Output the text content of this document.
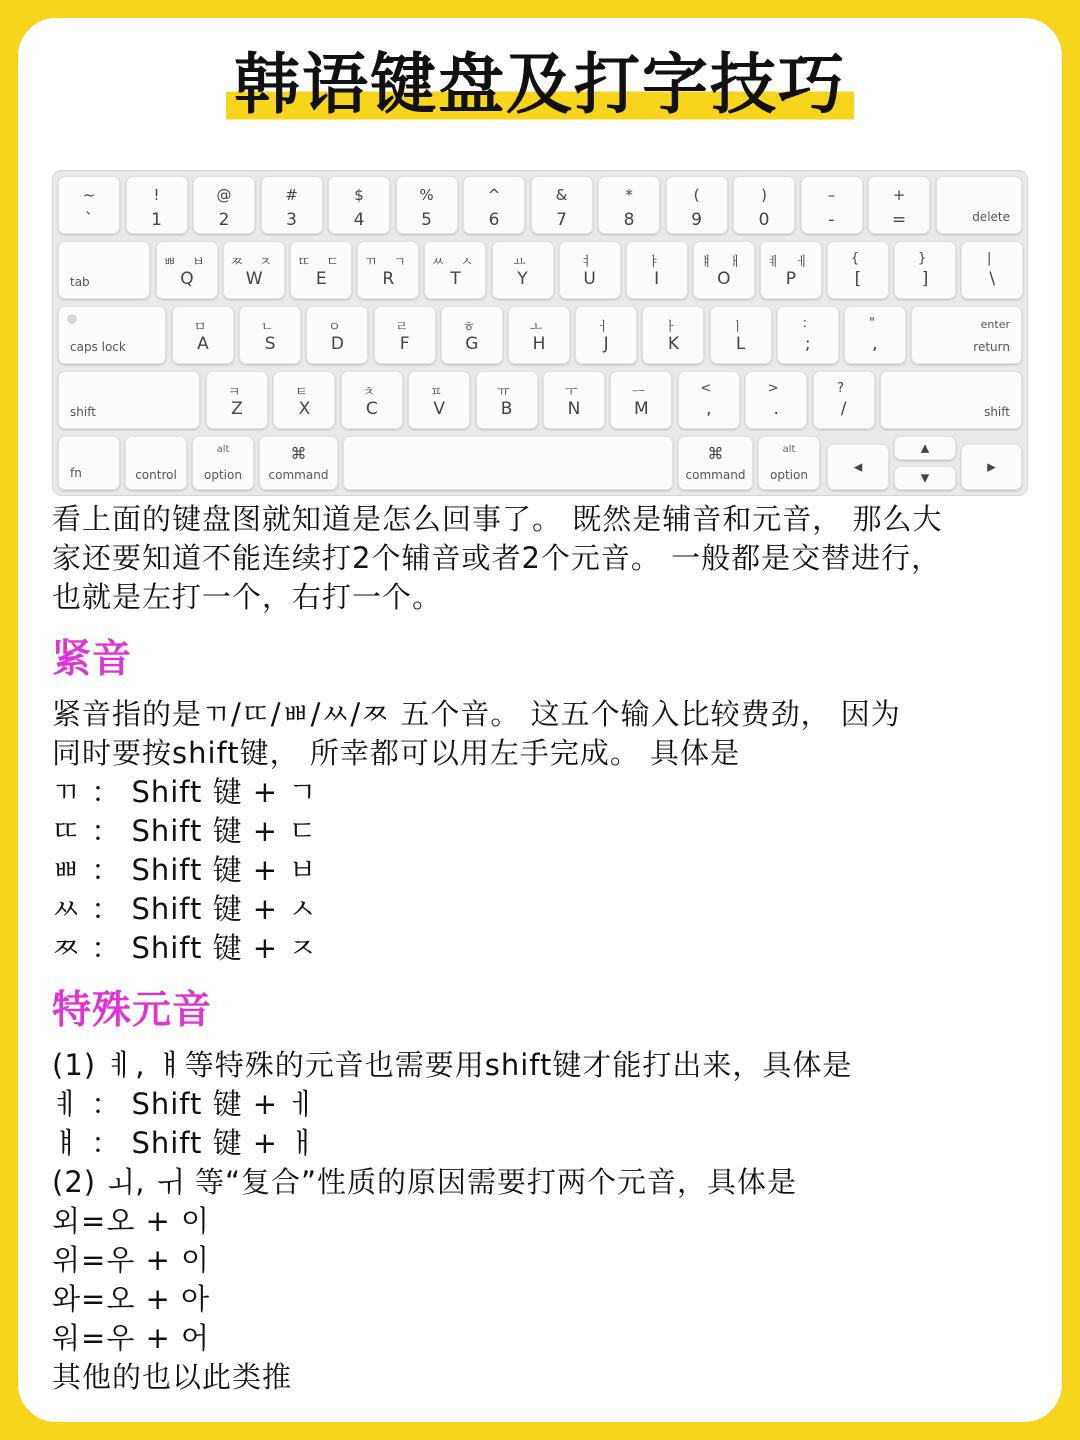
韩语键盘及打字技巧
~
`
!
1
@
2
#
3
$
4
%
5
^
6
&
7
*
8
(
9
)
0
–
-
+
=	delete
tab
ㅃ ㅂ
Q
ㅉ ㅈ
W
ㄸ ㄷ
E
ㄲ ㄱ
R
ㅆ ㅅ
T
ㅛ
Y
ㅕ
U
ㅑ
I
ㅒ ㅐ
O
ㅖ ㅔ
P
{
[
}
]
|
\
caps lock
ㅁ
A
ㄴ
S
ㅇ
D
ㄹ
F
ㅎ
G
ㅗ
H
ㅓ
J
ㅏ
K
ㅣ
L
:
;
"
,
enter
return
shift
ㅋ
Z
ㅌ
X
ㅊ
C
ㅍ
V
ㅠ
B
ㅜ
N
ㅡ
M
<
,
>
.
?
/	shift
fn	control
alt
option
⌘
command
⌘
command
alt
option
◀
▲
▼
▶

看上面的键盘图就知道是怎么回事了。 既然是辅音和元音， 那么大

家还要知道不能连续打2个辅音或者2个元音。 一般都是交替进行，

也就是左打一个，右打一个。

紧音

紧音指的是ㄲ/ㄸ/ㅃ/ㅆ/ㅉ 五个音。 这五个输入比较费劲， 因为

同时要按shift键， 所幸都可以用左手完成。 具体是

ㄲ ： Shift 键 + ㄱ

ㄸ ： Shift 键 + ㄷ

ㅃ ： Shift 键 + ㅂ

ㅆ ： Shift 键 + ㅅ

ㅉ ： Shift 键 + ㅈ

特殊元音

(1) ㅖ, ㅒ等特殊的元音也需要用shift键才能打出来，具体是

ㅖ ： Shift 键 + ㅔ

ㅒ ： Shift 键 + ㅐ

(2) ㅚ, ㅟ 等“复合”性质的原因需要打两个元音，具体是

외=오 + 이

위=우 + 이

와=오 + 아

워=우 + 어

其他的也以此类推
